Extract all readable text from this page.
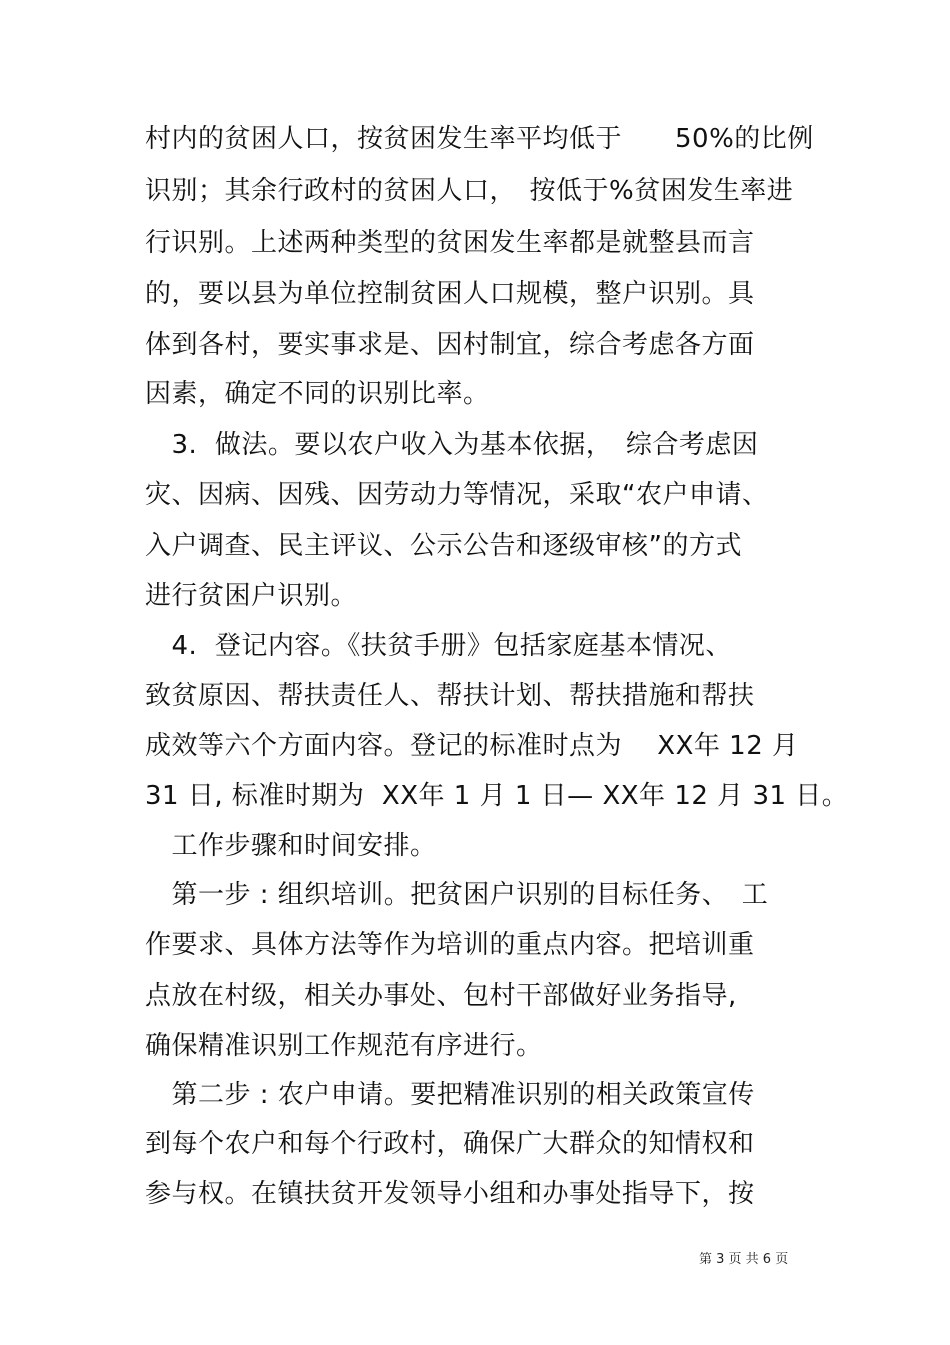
村内的贫困人口，按贫困发生率平均低于　　50%的比例
识别；其余行政村的贫困人口，　按低于%贫困发生率进
行识别。上述两种类型的贫困发生率都是就整县而言
的，要以县为单位控制贫困人口规模，整户识别。具
体到各村，要实事求是、因村制宜，综合考虑各方面
因素，确定不同的识别比率。
　3.  做法。要以农户收入为基本依据，　综合考虑因
灾、因病、因残、因劳动力等情况，采取“农户申请、
入户调查、民主评议、公示公告和逐级审核”的方式
进行贫困户识别。
　4.  登记内容。《扶贫手册》包括家庭基本情况、
致贫原因、帮扶责任人、帮扶计划、帮扶措施和帮扶
成效等六个方面内容。登记的标准时点为　 XX年 12 月
31 日, 标准时期为  XX年 1 月 1 日— XX年 12 月 31 日。
　工作步骤和时间安排。
　第一步 : 组织培训。把贫困户识别的目标任务、　工
作要求、具体方法等作为培训的重点内容。把培训重
点放在村级，相关办事处、包村干部做好业务指导,
确保精准识别工作规范有序进行。
　第二步 : 农户申请。要把精准识别的相关政策宣传
到每个农户和每个行政村，确保广大群众的知情权和
参与权。在镇扶贫开发领导小组和办事处指导下，按
第 3 页 共 6 页
